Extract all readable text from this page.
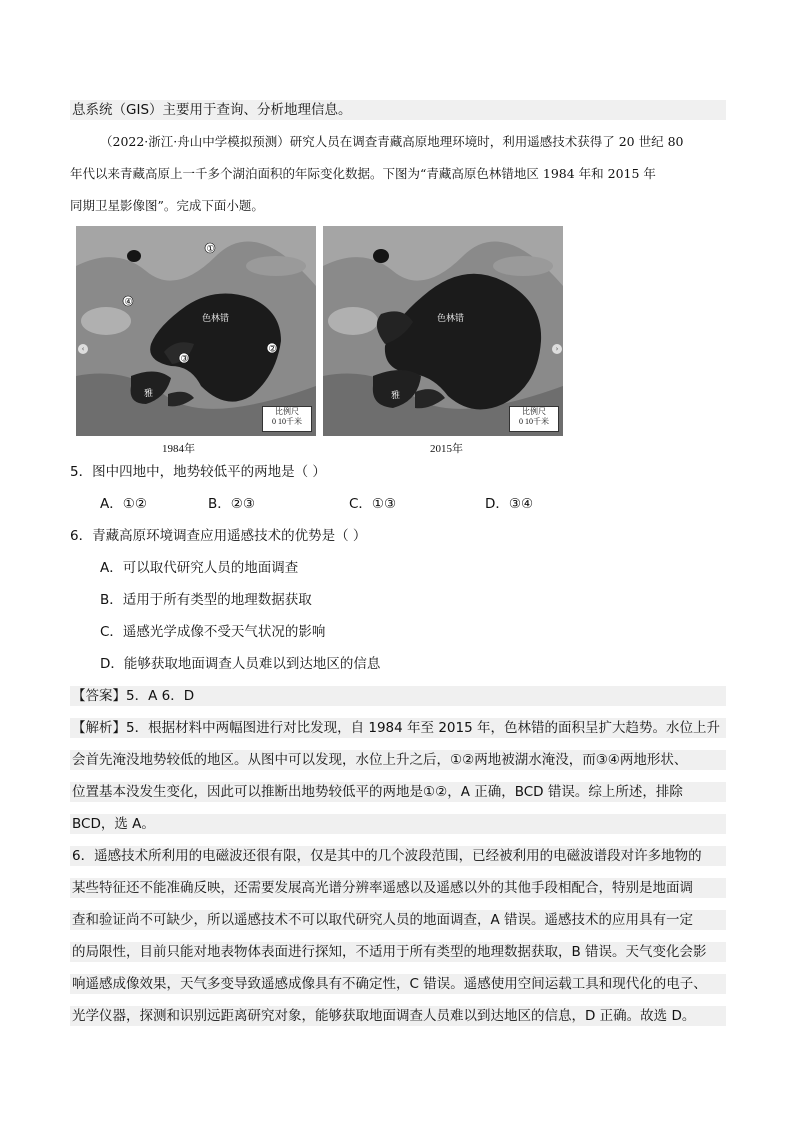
息系统（GIS）主要用于查询、分析地理信息。
（2022·浙江·舟山中学模拟预测）研究人员在调查青藏高原地理环境时，利用遥感技术获得了 20 世纪 80
年代以来青藏高原上一千多个湖泊面积的年际变化数据。下图为“青藏高原色林错地区 1984 年和 2015 年
同期卫星影像图”。完成下面小题。
①
②
③
④
色林错
雅
比例尺
0 10千米
‹
色林错
雅
比例尺
0 10千米
›
1984年	2015年
5．图中四地中，地势较低平的两地是（ ）
A．①②	B．②③	C．①③	D．③④
6．青藏高原环境调查应用遥感技术的优势是（ ）
A．可以取代研究人员的地面调查
B．适用于所有类型的地理数据获取
C．遥感光学成像不受天气状况的影响
D．能够获取地面调查人员难以到达地区的信息
【答案】5．A 6．D
【解析】5．根据材料中两幅图进行对比发现，自 1984 年至 2015 年，色林错的面积呈扩大趋势。水位上升
会首先淹没地势较低的地区。从图中可以发现，水位上升之后，①②两地被湖水淹没，而③④两地形状、
位置基本没发生变化，因此可以推断出地势较低平的两地是①②，A 正确，BCD 错误。综上所述，排除
BCD，选 A。
6．遥感技术所利用的电磁波还很有限，仅是其中的几个波段范围，已经被利用的电磁波谱段对许多地物的
某些特征还不能准确反映，还需要发展高光谱分辨率遥感以及遥感以外的其他手段相配合，特别是地面调
查和验证尚不可缺少，所以遥感技术不可以取代研究人员的地面调查，A 错误。遥感技术的应用具有一定
的局限性，目前只能对地表物体表面进行探知，不适用于所有类型的地理数据获取，B 错误。天气变化会影
响遥感成像效果，天气多变导致遥感成像具有不确定性，C 错误。遥感使用空间运载工具和现代化的电子、
光学仪器，探测和识别远距离研究对象，能够获取地面调查人员难以到达地区的信息，D 正确。故选 D。
